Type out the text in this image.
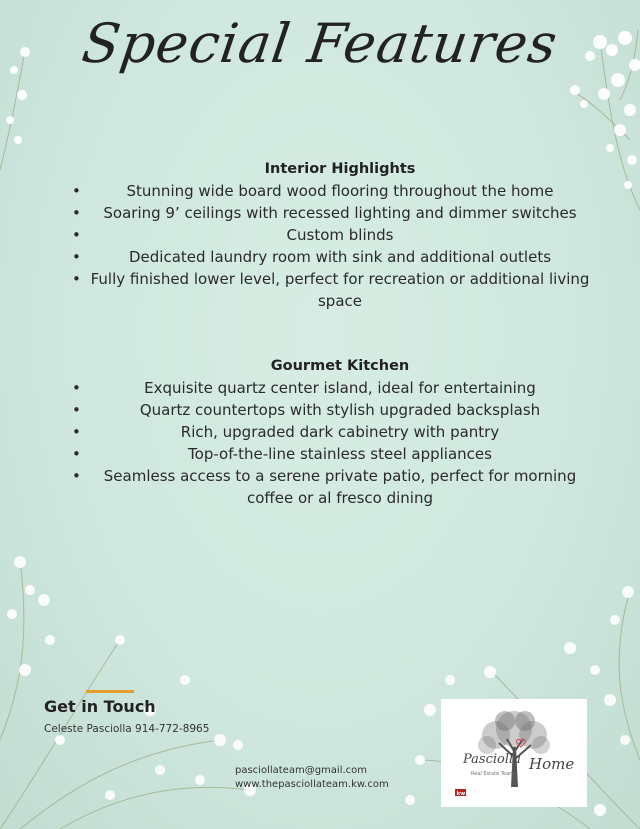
Special Features
Interior Highlights
•	Stunning wide board wood flooring throughout the home
• Soaring 9’ ceilings with recessed lighting and dimmer switches
•	Custom blinds
•	Dedicated laundry room with sink and additional outlets
• Fully finished lower level, perfect for recreation or additional living space
Gourmet Kitchen
•	Exquisite quartz center island, ideal for entertaining
•	Quartz countertops with stylish upgraded backsplash
•	Rich, upgraded dark cabinetry with pantry
•	Top-of-the-line stainless steel appliances
• Seamless access to a serene private patio, perfect for morning coffee or al fresco dining
Get in Touch
Celeste Pasciolla 914-772-8965
pasciollateam@gmail.com
www.thepasciollateam.kw.com
Pasciolla Home
Real Estate Team
kw
